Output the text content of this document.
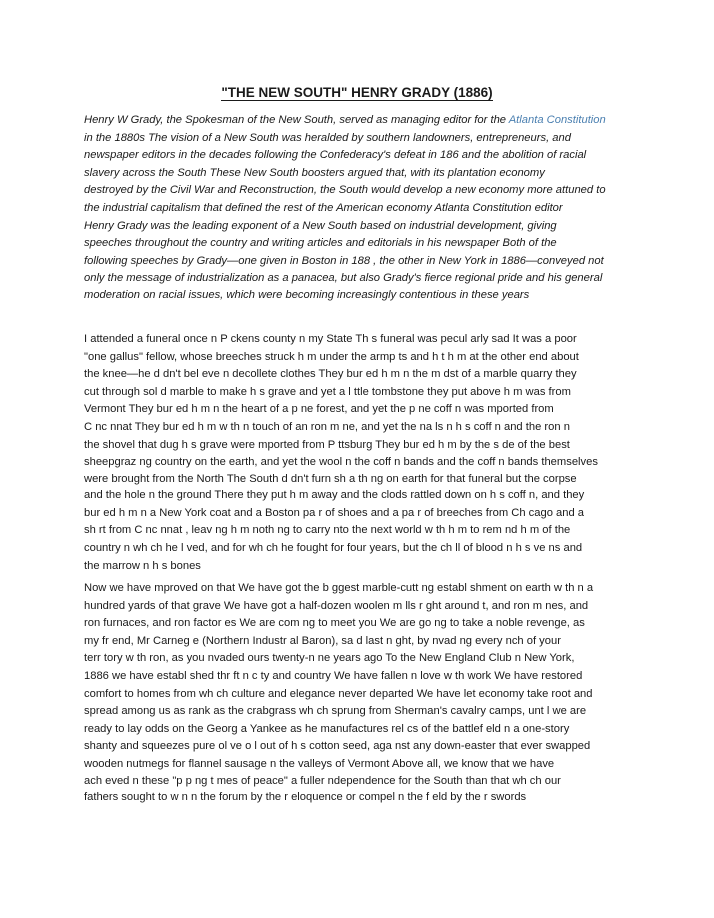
"THE NEW SOUTH" HENRY GRADY (1886)
Henry W Grady, the Spokesman of the New South, served as managing editor for the Atlanta Constitution
in the 1880s The vision of a New South was heralded by southern landowners, entrepreneurs, and
newspaper editors in the decades following the Confederacy's defeat in 186 and the abolition of racial
slavery across the South These New South boosters argued that, with its plantation economy
destroyed by the Civil War and Reconstruction, the South would develop a new economy more attuned to
the industrial capitalism that defined the rest of the American economy Atlanta Constitution editor
Henry Grady was the leading exponent of a New South based on industrial development, giving
speeches throughout the country and writing articles and editorials in his newspaper Both of the
following speeches by Grady—one given in Boston in 188 , the other in New York in 1886—conveyed not
only the message of industrialization as a panacea, but also Grady's fierce regional pride and his general
moderation on racial issues, which were becoming increasingly contentious in these years
I attended a funeral once n P ckens county n my State Th s funeral was pecul arly sad It was a poor
"one gallus" fellow, whose breeches struck h m under the armp ts and h t h m at the other end about
the knee—he d dn't bel eve n decollete clothes They bur ed h m n the m dst of a marble quarry they
cut through sol d marble to make h s grave and yet a l ttle tombstone they put above h m was from
Vermont They bur ed h m n the heart of a p ne forest, and yet the p ne coff n was mported from
C nc nnat They bur ed h m w th n touch of an ron m ne, and yet the na ls n h s coff n and the ron n
the shovel that dug h s grave were mported from P ttsburg They bur ed h m by the s de of the best
sheepgraz ng country on the earth, and yet the wool n the coff n bands and the coff n bands themselves
were brought from the North The South d dn't furn sh a th ng on earth for that funeral but the corpse
and the hole n the ground There they put h m away and the clods rattled down on h s coff n, and they
bur ed h m n a New York coat and a Boston pa r of shoes and a pa r of breeches from Ch cago and a
sh rt from C nc nnat , leav ng h m noth ng to carry nto the next world w th h m to rem nd h m of the
country n wh ch he l ved, and for wh ch he fought for four years, but the ch ll of blood n h s ve ns and
the marrow n h s bones
Now we have mproved on that We have got the b ggest marble-cutt ng establ shment on earth w th n a
hundred yards of that grave We have got a half-dozen woolen m lls r ght around t, and ron m nes, and
ron furnaces, and ron factor es We are com ng to meet you We are go ng to take a noble revenge, as
my fr end, Mr Carneg e (Northern Industr al Baron), sa d last n ght, by nvad ng every nch of your
terr tory w th ron, as you nvaded ours twenty-n ne years ago To the New England Club n New York,
1886 we have establ shed thr ft n c ty and country We have fallen n love w th work We have restored
comfort to homes from wh ch culture and elegance never departed We have let economy take root and
spread among us as rank as the crabgrass wh ch sprung from Sherman's cavalry camps, unt l we are
ready to lay odds on the Georg a Yankee as he manufactures rel cs of the battlef eld n a one-story
shanty and squeezes pure ol ve o l out of h s cotton seed, aga nst any down-easter that ever swapped
wooden nutmegs for flannel sausage n the valleys of Vermont Above all, we know that we have
ach eved n these "p p ng t mes of peace" a fuller ndependence for the South than that wh ch our
fathers sought to w n n the forum by the r eloquence or compel n the f eld by the r swords
